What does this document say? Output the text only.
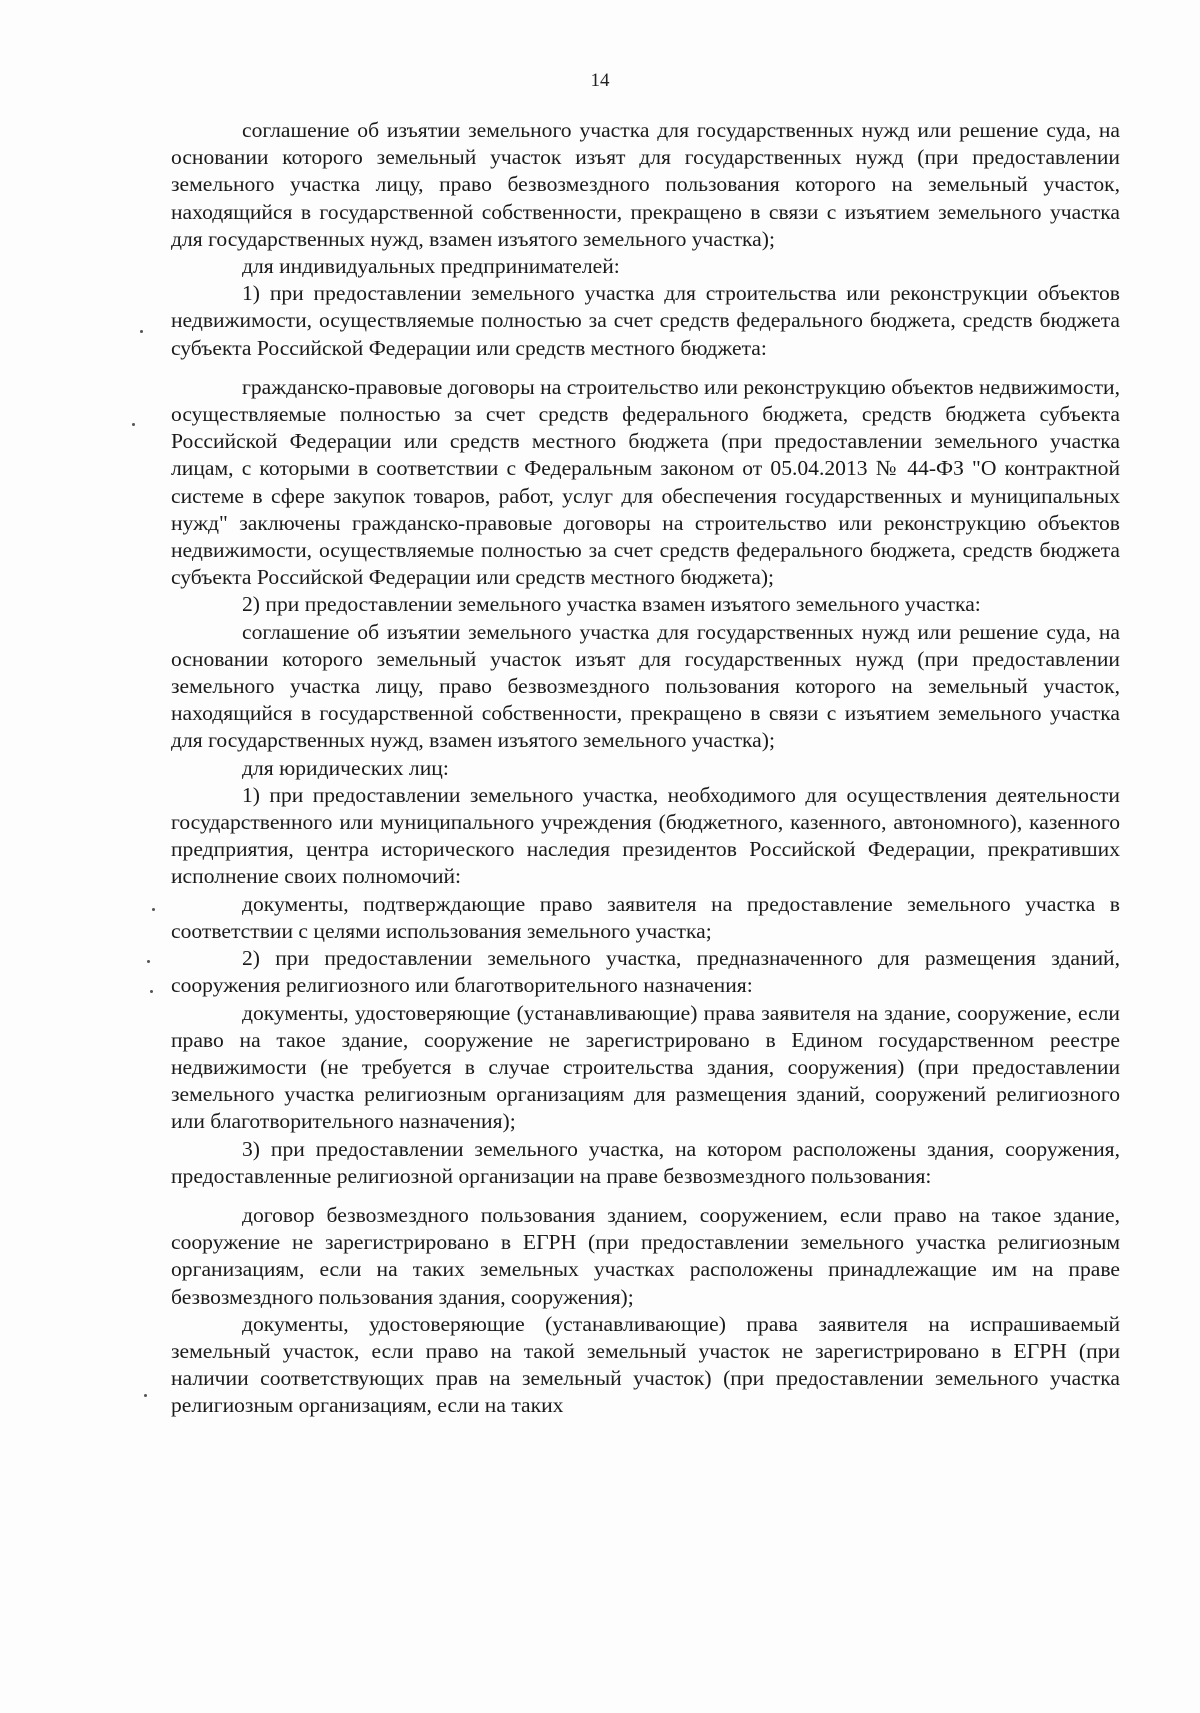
14

соглашение об изъятии земельного участка для государственных нужд или решение суда, на основании которого земельный участок изъят для государственных нужд (при предоставлении земельного участка лицу, право безвозмездного пользования которого на земельный участок, находящийся в государственной собственности, прекращено в связи с изъятием земельного участка для государственных нужд, взамен изъятого земельного участка);

для индивидуальных предпринимателей:

1) при предоставлении земельного участка для строительства или реконструкции объектов недвижимости, осуществляемые полностью за счет средств федерального бюджета, средств бюджета субъекта Российской Федерации или средств местного бюджета:

гражданско-правовые договоры на строительство или реконструкцию объектов недвижимости, осуществляемые полностью за счет средств федерального бюджета, средств бюджета субъекта Российской Федерации или средств местного бюджета (при предоставлении земельного участка лицам, с которыми в соответствии с Федеральным законом от 05.04.2013 № 44-ФЗ "О контрактной системе в сфере закупок товаров, работ, услуг для обеспечения государственных и муниципальных нужд" заключены гражданско-правовые договоры на строительство или реконструкцию объектов недвижимости, осуществляемые полностью за счет средств федерального бюджета, средств бюджета субъекта Российской Федерации или средств местного бюджета);

2) при предоставлении земельного участка взамен изъятого земельного участка:

соглашение об изъятии земельного участка для государственных нужд или решение суда, на основании которого земельный участок изъят для государственных нужд (при предоставлении земельного участка лицу, право безвозмездного пользования которого на земельный участок, находящийся в государственной собственности, прекращено в связи с изъятием земельного участка для государственных нужд, взамен изъятого земельного участка);

для юридических лиц:

1) при предоставлении земельного участка, необходимого для осуществления деятельности государственного или муниципального учреждения (бюджетного, казенного, автономного), казенного предприятия, центра исторического наследия президентов Российской Федерации, прекративших исполнение своих полномочий:

документы, подтверждающие право заявителя на предоставление земельного участка в соответствии с целями использования земельного участка;

2) при предоставлении земельного участка, предназначенного для размещения зданий, сооружения религиозного или благотворительного назначения:

документы, удостоверяющие (устанавливающие) права заявителя на здание, сооружение, если право на такое здание, сооружение не зарегистрировано в Едином государственном реестре недвижимости (не требуется в случае строительства здания, сооружения) (при предоставлении земельного участка религиозным организациям для размещения зданий, сооружений религиозного или благотворительного назначения);

3) при предоставлении земельного участка, на котором расположены здания, сооружения, предоставленные религиозной организации на праве безвозмездного пользования:

договор безвозмездного пользования зданием, сооружением, если право на такое здание, сооружение не зарегистрировано в ЕГРН (при предоставлении земельного участка религиозным организациям, если на таких земельных участках расположены принадлежащие им на праве безвозмездного пользования здания, сооружения);

документы, удостоверяющие (устанавливающие) права заявителя на испрашиваемый земельный участок, если право на такой земельный участок не зарегистрировано в ЕГРН (при наличии соответствующих прав на земельный участок) (при предоставлении земельного участка религиозным организациям, если на таких
